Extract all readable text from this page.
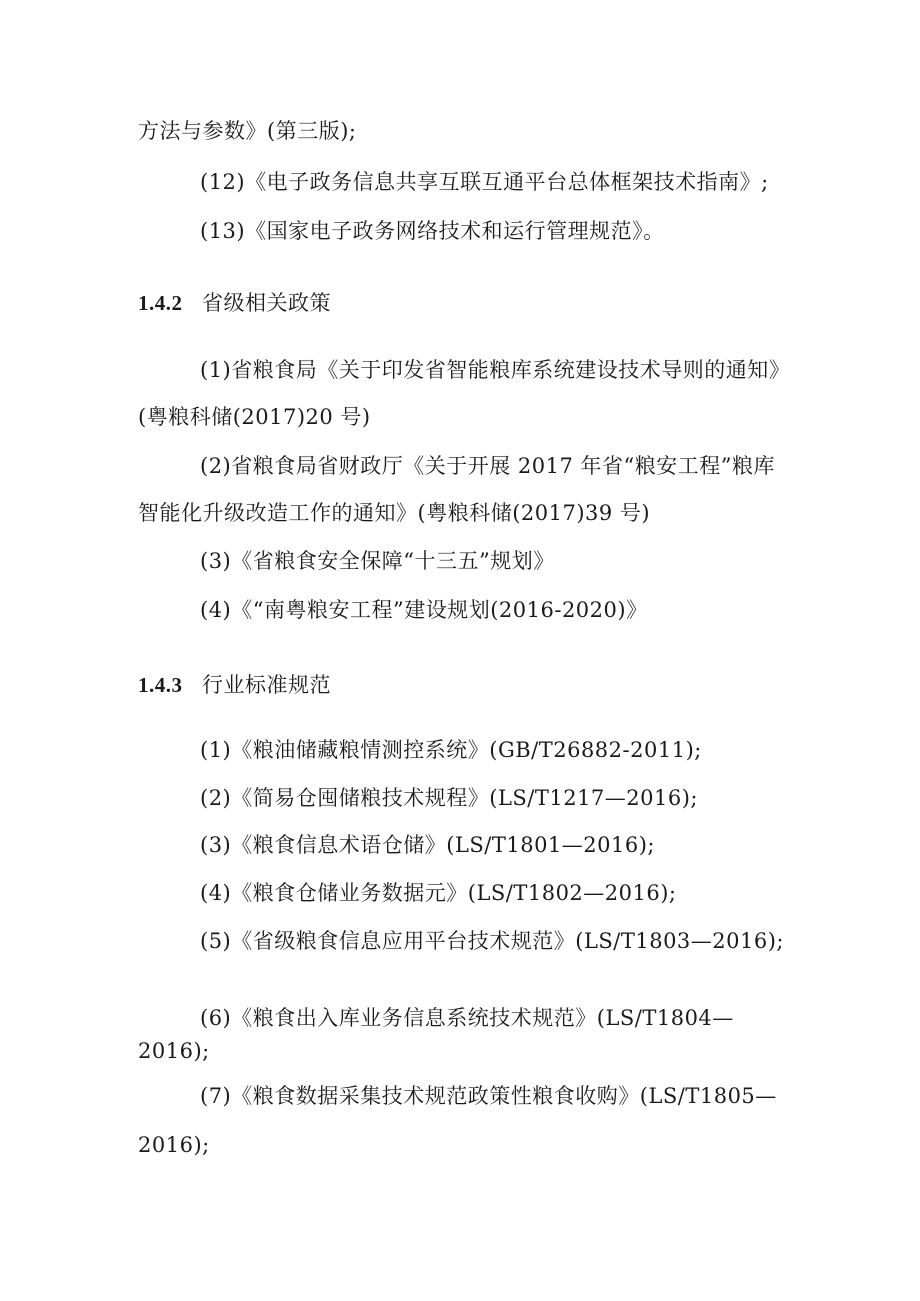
方法与参数》(第三版);
(12)《电子政务信息共享互联互通平台总体框架技术指南》;
(13)《国家电子政务网络技术和运行管理规范》。
1.4.2 省级相关政策
(1)省粮食局《关于印发省智能粮库系统建设技术导则的通知》
(粤粮科储(2017)20 号)
(2)省粮食局省财政厅《关于开展 2017 年省“粮安工程”粮库
智能化升级改造工作的通知》(粤粮科储(2017)39 号)
(3)《省粮食安全保障“十三五”规划》
(4)《“南粤粮安工程”建设规划(2016-2020)》
1.4.3 行业标准规范
(1)《粮油储藏粮情测控系统》(GB/T26882-2011);
(2)《简易仓囤储粮技术规程》(LS/T1217—2016);
(3)《粮食信息术语仓储》(LS/T1801—2016);
(4)《粮食仓储业务数据元》(LS/T1802—2016);
(5)《省级粮食信息应用平台技术规范》(LS/T1803—2016);
(6)《粮食出入库业务信息系统技术规范》(LS/T1804—
2016);
(7)《粮食数据采集技术规范政策性粮食收购》(LS/T1805—
2016);
